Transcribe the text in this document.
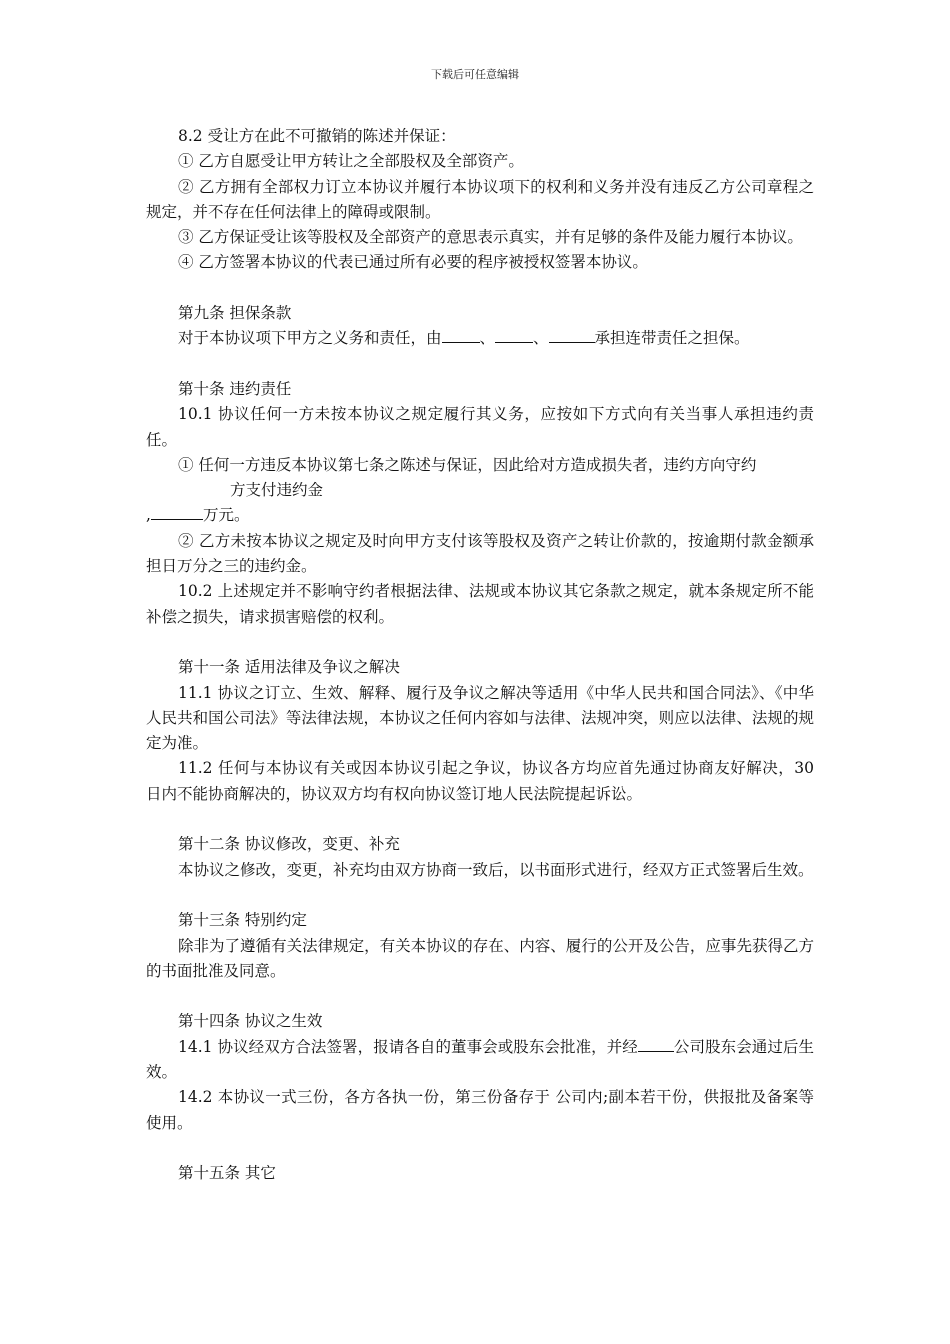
下载后可任意编辑

8.2 受让方在此不可撤销的陈述并保证：

① 乙方自愿受让甲方转让之全部股权及全部资产。

② 乙方拥有全部权力订立本协议并履行本协议项下的权利和义务并没有违反乙方公司章程之规定，并不存在任何法律上的障碍或限制。

③ 乙方保证受让该等股权及全部资产的意思表示真实，并有足够的条件及能力履行本协议。

④ 乙方签署本协议的代表已通过所有必要的程序被授权签署本协议。

第九条 担保条款

对于本协议项下甲方之义务和责任，由 、 、	承担连带责任之担保。

第十条 违约责任

10.1 协议任何一方未按本协议之规定履行其义务，应按如下方式向有关当事人承担违约责任。

① 任何一方违反本协议第七条之陈述与保证，因此给对方造成损失者，违约方向守约

方支付违约金

,	万元。

② 乙方未按本协议之规定及时向甲方支付该等股权及资产之转让价款的，按逾期付款金额承担日万分之三的违约金。

10.2 上述规定并不影响守约者根据法律、法规或本协议其它条款之规定，就本条规定所不能补偿之损失，请求损害赔偿的权利。

第十一条 适用法律及争议之解决

11.1 协议之订立、生效、解释、履行及争议之解决等适用《中华人民共和国合同法》、《中华人民共和国公司法》等法律法规，本协议之任何内容如与法律、法规冲突，则应以法律、法规的规定为准。

11.2 任何与本协议有关或因本协议引起之争议，协议各方均应首先通过协商友好解决，30 日内不能协商解决的，协议双方均有权向协议签订地人民法院提起诉讼。

第十二条 协议修改，变更、补充

本协议之修改，变更，补充均由双方协商一致后，以书面形式进行，经双方正式签署后生效。

第十三条 特别约定

除非为了遵循有关法律规定，有关本协议的存在、内容、履行的公开及公告，应事先获得乙方的书面批准及同意。

第十四条 协议之生效

14.1 协议经双方合法签署，报请各自的董事会或股东会批准，并经 公司股东会通过后生效。

14.2 本协议一式三份，各方各执一份，第三份备存于 公司内;副本若干份，供报批及备案等使用。

第十五条 其它
